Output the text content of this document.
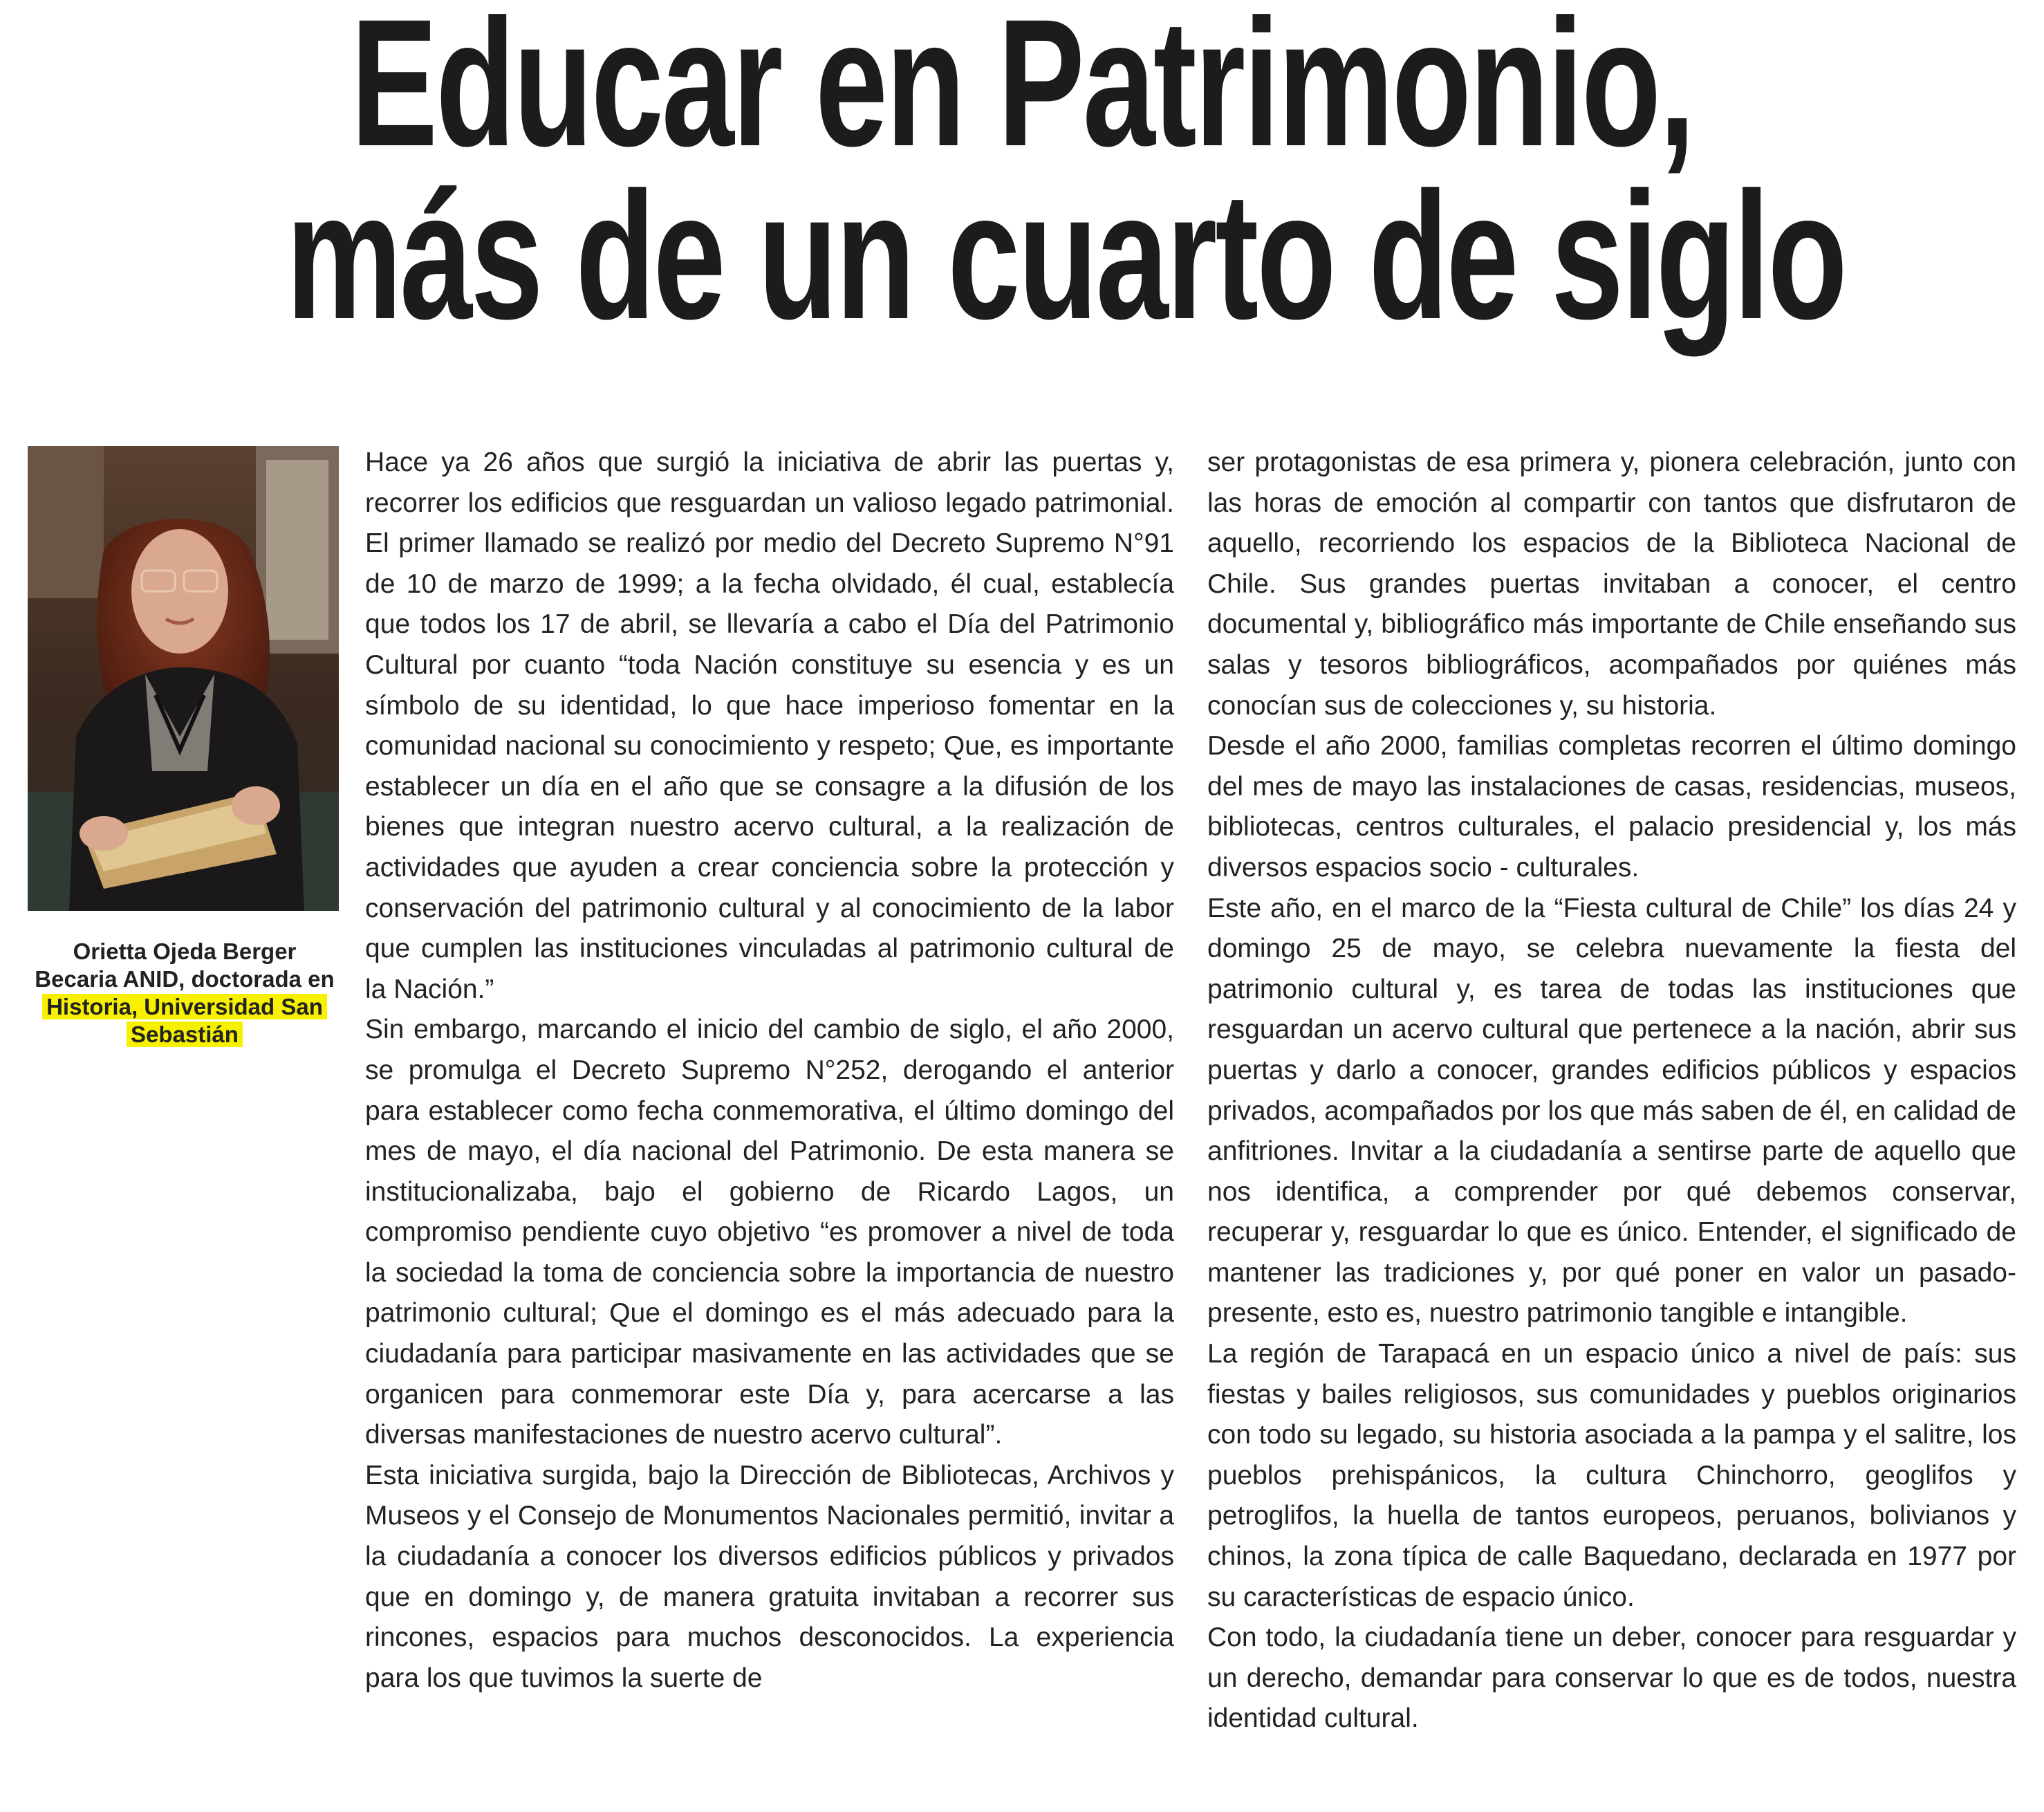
Educar en Patrimonio,
más de un cuarto de siglo
Orietta Ojeda Berger
Becaria ANID, doctorada en
Historia, Universidad San
Sebastián

Hace ya 26 años que surgió la iniciativa de abrir las puertas y, recorrer los edificios que resguardan un valioso legado patrimonial. El primer llamado se realizó por medio del Decreto Supremo N°91 de 10 de marzo de 1999; a la fecha olvidado, él cual, establecía que todos los 17 de abril, se llevaría a cabo el Día del Patrimonio Cultural por cuanto “toda Nación constituye su esencia y es un símbolo de su identidad, lo que hace imperioso fomentar en la comunidad nacional su conocimiento y respeto; Que, es importante establecer un día en el año que se consagre a la difusión de los bienes que integran nuestro acervo cultural, a la realización de actividades que ayuden a crear conciencia sobre la protección y conservación del patrimonio cultural y al conocimiento de la labor que cumplen las instituciones vinculadas al patrimonio cultural de la Nación.”

Sin embargo, marcando el inicio del cambio de siglo, el año 2000, se promulga el Decreto Supremo N°252, derogando el anterior para establecer como fecha conmemorativa, el último domingo del mes de mayo, el día nacional del Patrimonio. De esta manera se institucionalizaba, bajo el gobierno de Ricardo Lagos, un compromiso pendiente cuyo objetivo “es promover a nivel de toda la sociedad la toma de conciencia sobre la importancia de nuestro patrimonio cultural; Que el domingo es el más adecuado para la ciudadanía para participar masivamente en las actividades que se organicen para conmemorar este Día y, para acercarse a las diversas manifestaciones de nuestro acervo cultural”.

Esta iniciativa surgida, bajo la Dirección de Bibliotecas, Archivos y Museos y el Consejo de Monumentos Nacionales permitió, invitar a la ciudadanía a conocer los diversos edificios públicos y privados que en domingo y, de manera gratuita invitaban a recorrer sus rincones, espacios para muchos desconocidos. La experiencia para los que tuvimos la suerte de

ser protagonistas de esa primera y, pionera celebración, junto con las horas de emoción al compartir con tantos que disfrutaron de aquello, recorriendo los espacios de la Biblioteca Nacional de Chile. Sus grandes puertas invitaban a conocer, el centro documental y, bibliográfico más importante de Chile enseñando sus salas y tesoros bibliográficos, acompañados por quiénes más conocían sus de colecciones y, su historia.

Desde el año 2000, familias completas recorren el último domingo del mes de mayo las instalaciones de casas, residencias, museos, bibliotecas, centros culturales, el palacio presidencial y, los más diversos espacios socio - culturales.

Este año, en el marco de la “Fiesta cultural de Chile” los días 24 y domingo 25 de mayo, se celebra nuevamente la fiesta del patrimonio cultural y, es tarea de todas las instituciones que resguardan un acervo cultural que pertenece a la nación, abrir sus puertas y darlo a conocer, grandes edificios públicos y espacios privados, acompañados por los que más saben de él, en calidad de anfitriones. Invitar a la ciudadanía a sentirse parte de aquello que nos identifica, a comprender por qué debemos conservar, recuperar y, resguardar lo que es único. Entender, el significado de mantener las tradiciones y, por qué poner en valor un pasado- presente, esto es, nuestro patrimonio tangible e intangible.

La región de Tarapacá en un espacio único a nivel de país: sus fiestas y bailes religiosos, sus comunidades y pueblos originarios con todo su legado, su historia asociada a la pampa y el salitre, los pueblos prehispánicos, la cultura Chinchorro, geoglifos y petroglifos, la huella de tantos europeos, peruanos, bolivianos y chinos, la zona típica de calle Baquedano, declarada en 1977 por su características de espacio único.

Con todo, la ciudadanía tiene un deber, conocer para resguardar y un derecho, demandar para conservar lo que es de todos, nuestra identidad cultural.
